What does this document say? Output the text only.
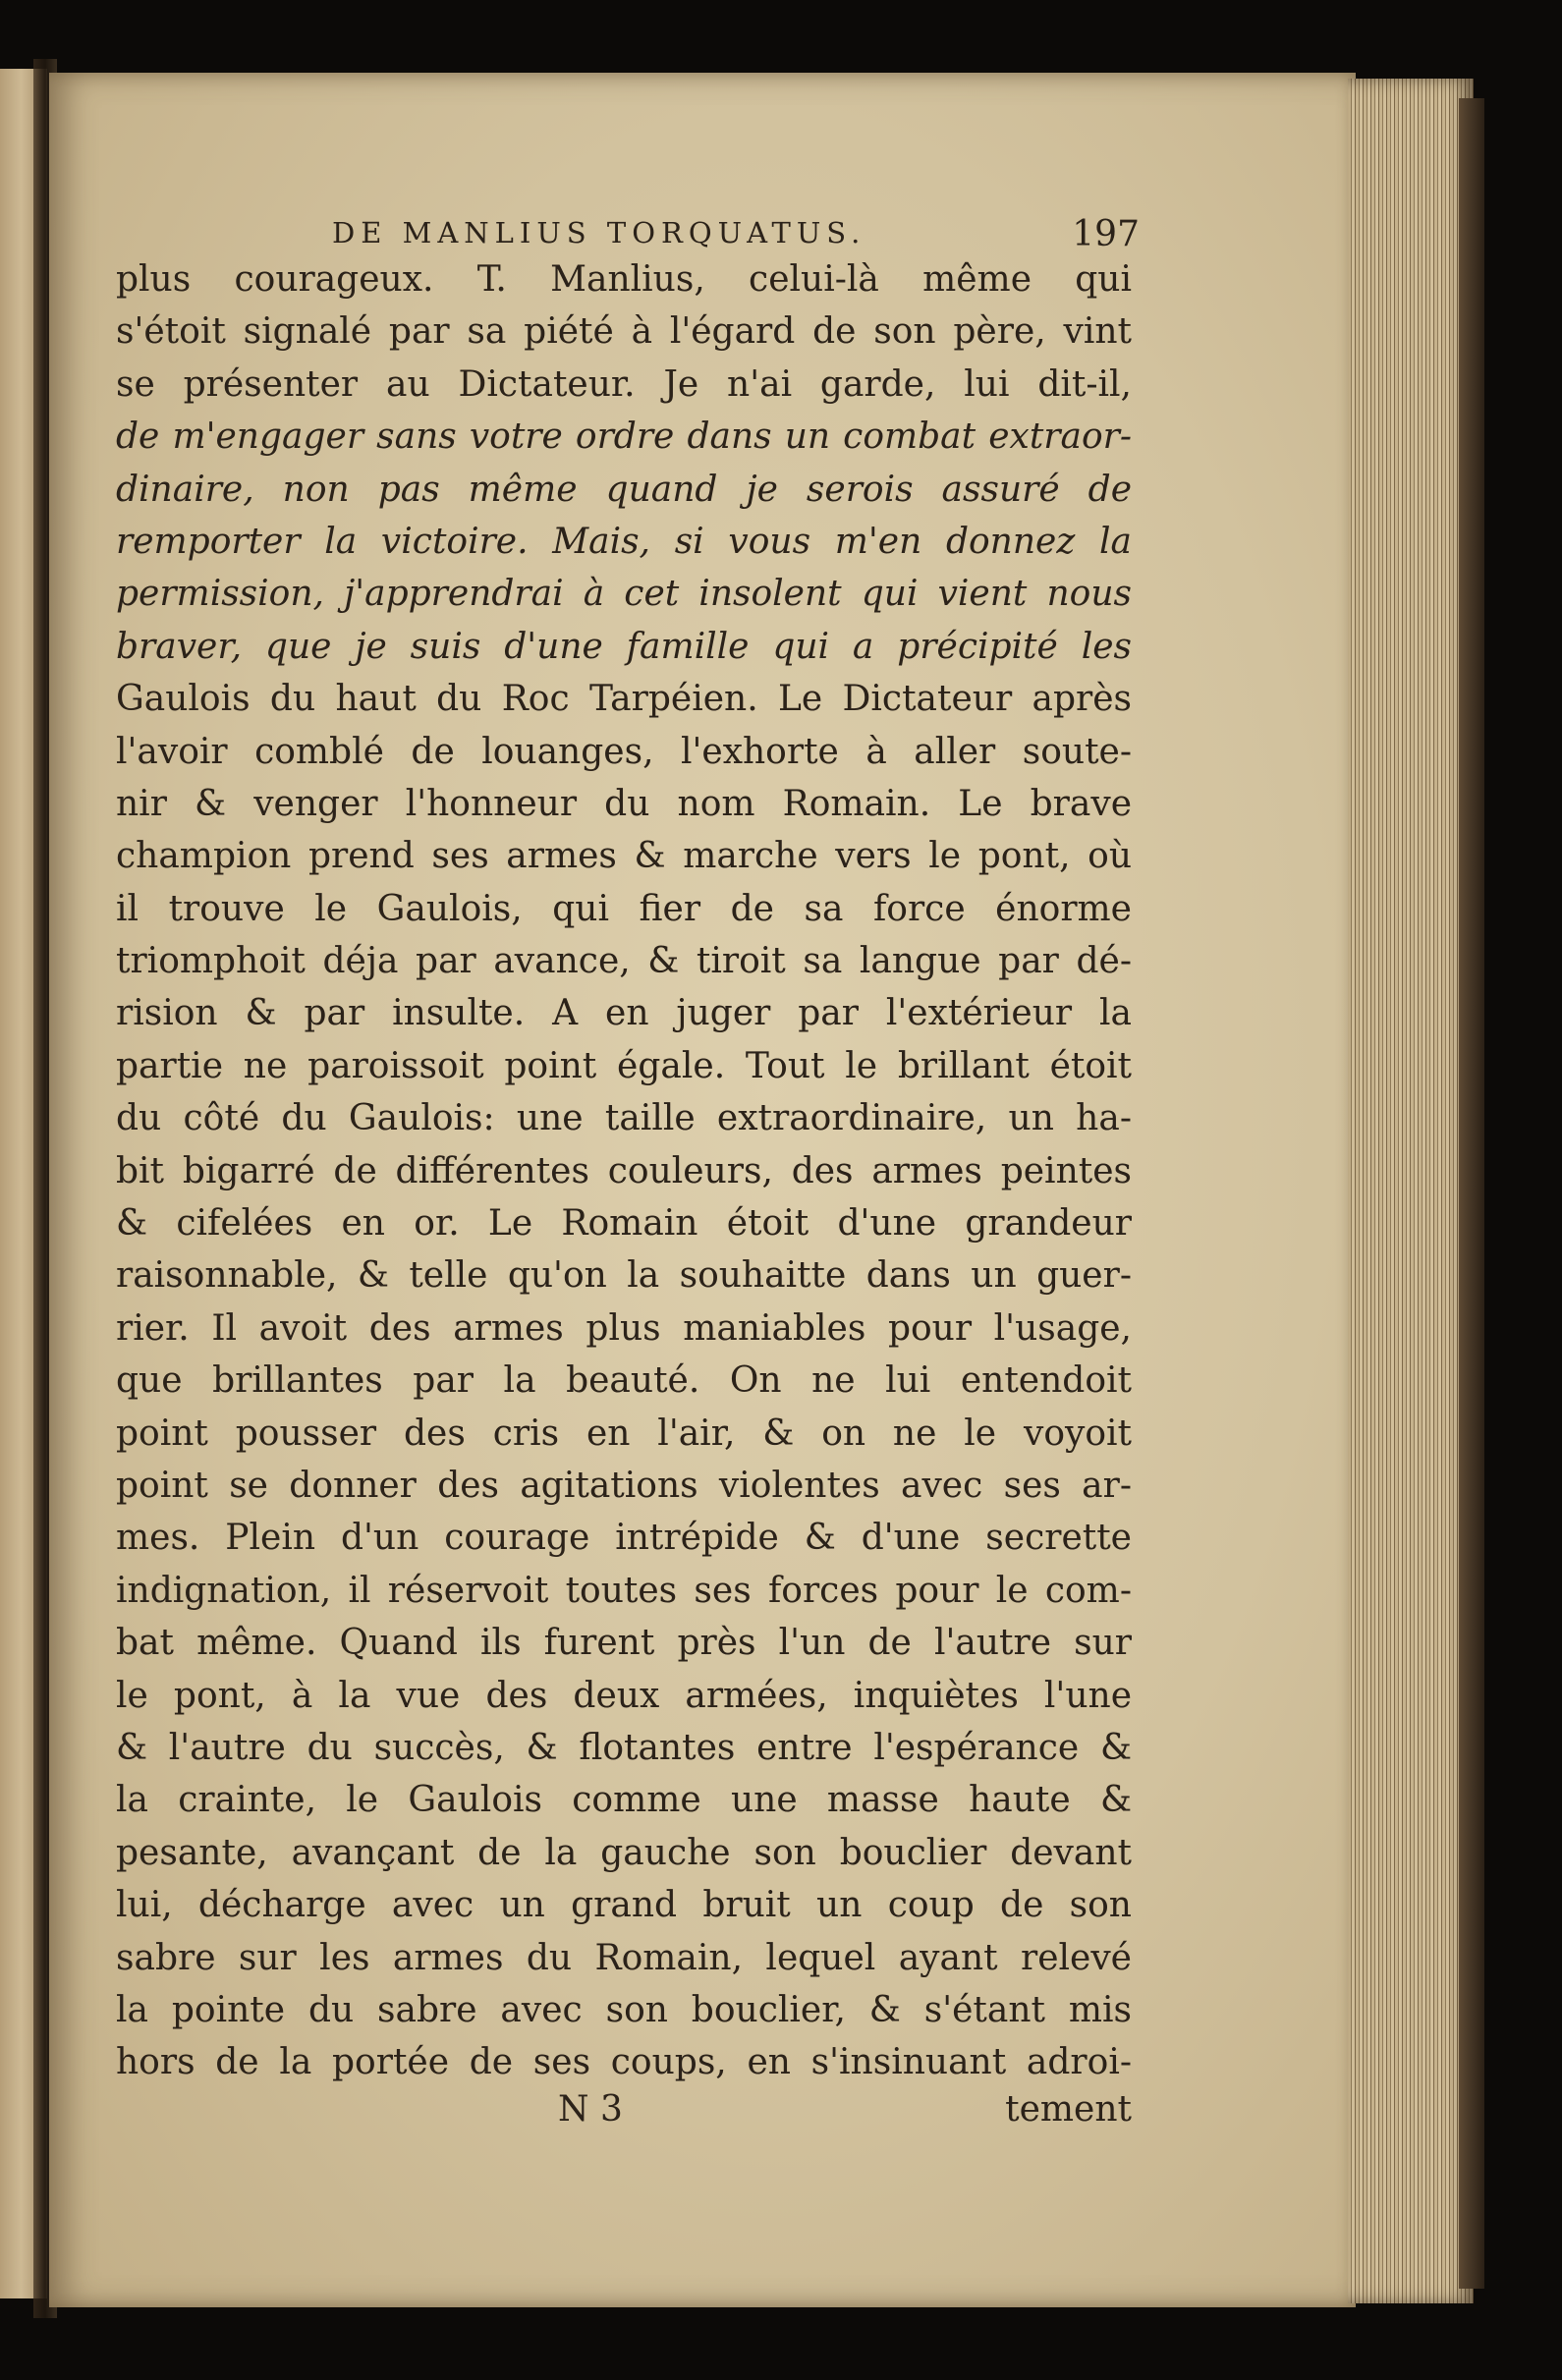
DE MANLIUS TORQUATUS.	197
plus courageux. T. Manlius, celui-là même qui
s'étoit signalé par sa piété à l'égard de son père, vint
se présenter au Dictateur. Je n'ai garde, lui dit-il,
de m'engager sans votre ordre dans un combat extraor-
dinaire, non pas même quand je serois assuré de
remporter la victoire. Mais, si vous m'en donnez la
permission, j'apprendrai à cet insolent qui vient nous
braver, que je suis d'une famille qui a précipité les
Gaulois du haut du Roc Tarpéien. Le Dictateur après
l'avoir comblé de louanges, l'exhorte à aller soute-
nir & venger l'honneur du nom Romain. Le brave
champion prend ses armes & marche vers le pont, où
il trouve le Gaulois, qui fier de sa force énorme
triomphoit déja par avance, & tiroit sa langue par dé-
rision & par insulte. A en juger par l'extérieur la
partie ne paroissoit point égale. Tout le brillant étoit
du côté du Gaulois: une taille extraordinaire, un ha-
bit bigarré de différentes couleurs, des armes peintes
& cifelées en or. Le Romain étoit d'une grandeur
raisonnable, & telle qu'on la souhaitte dans un guer-
rier. Il avoit des armes plus maniables pour l'usage,
que brillantes par la beauté. On ne lui entendoit
point pousser des cris en l'air, & on ne le voyoit
point se donner des agitations violentes avec ses ar-
mes. Plein d'un courage intrépide & d'une secrette
indignation, il réservoit toutes ses forces pour le com-
bat même. Quand ils furent près l'un de l'autre sur
le pont, à la vue des deux armées, inquiètes l'une
& l'autre du succès, & flotantes entre l'espérance &
la crainte, le Gaulois comme une masse haute &
pesante, avançant de la gauche son bouclier devant
lui, décharge avec un grand bruit un coup de son
sabre sur les armes du Romain, lequel ayant relevé
la pointe du sabre avec son bouclier, & s'étant mis
hors de la portée de ses coups, en s'insinuant adroi-
N 3	tement
